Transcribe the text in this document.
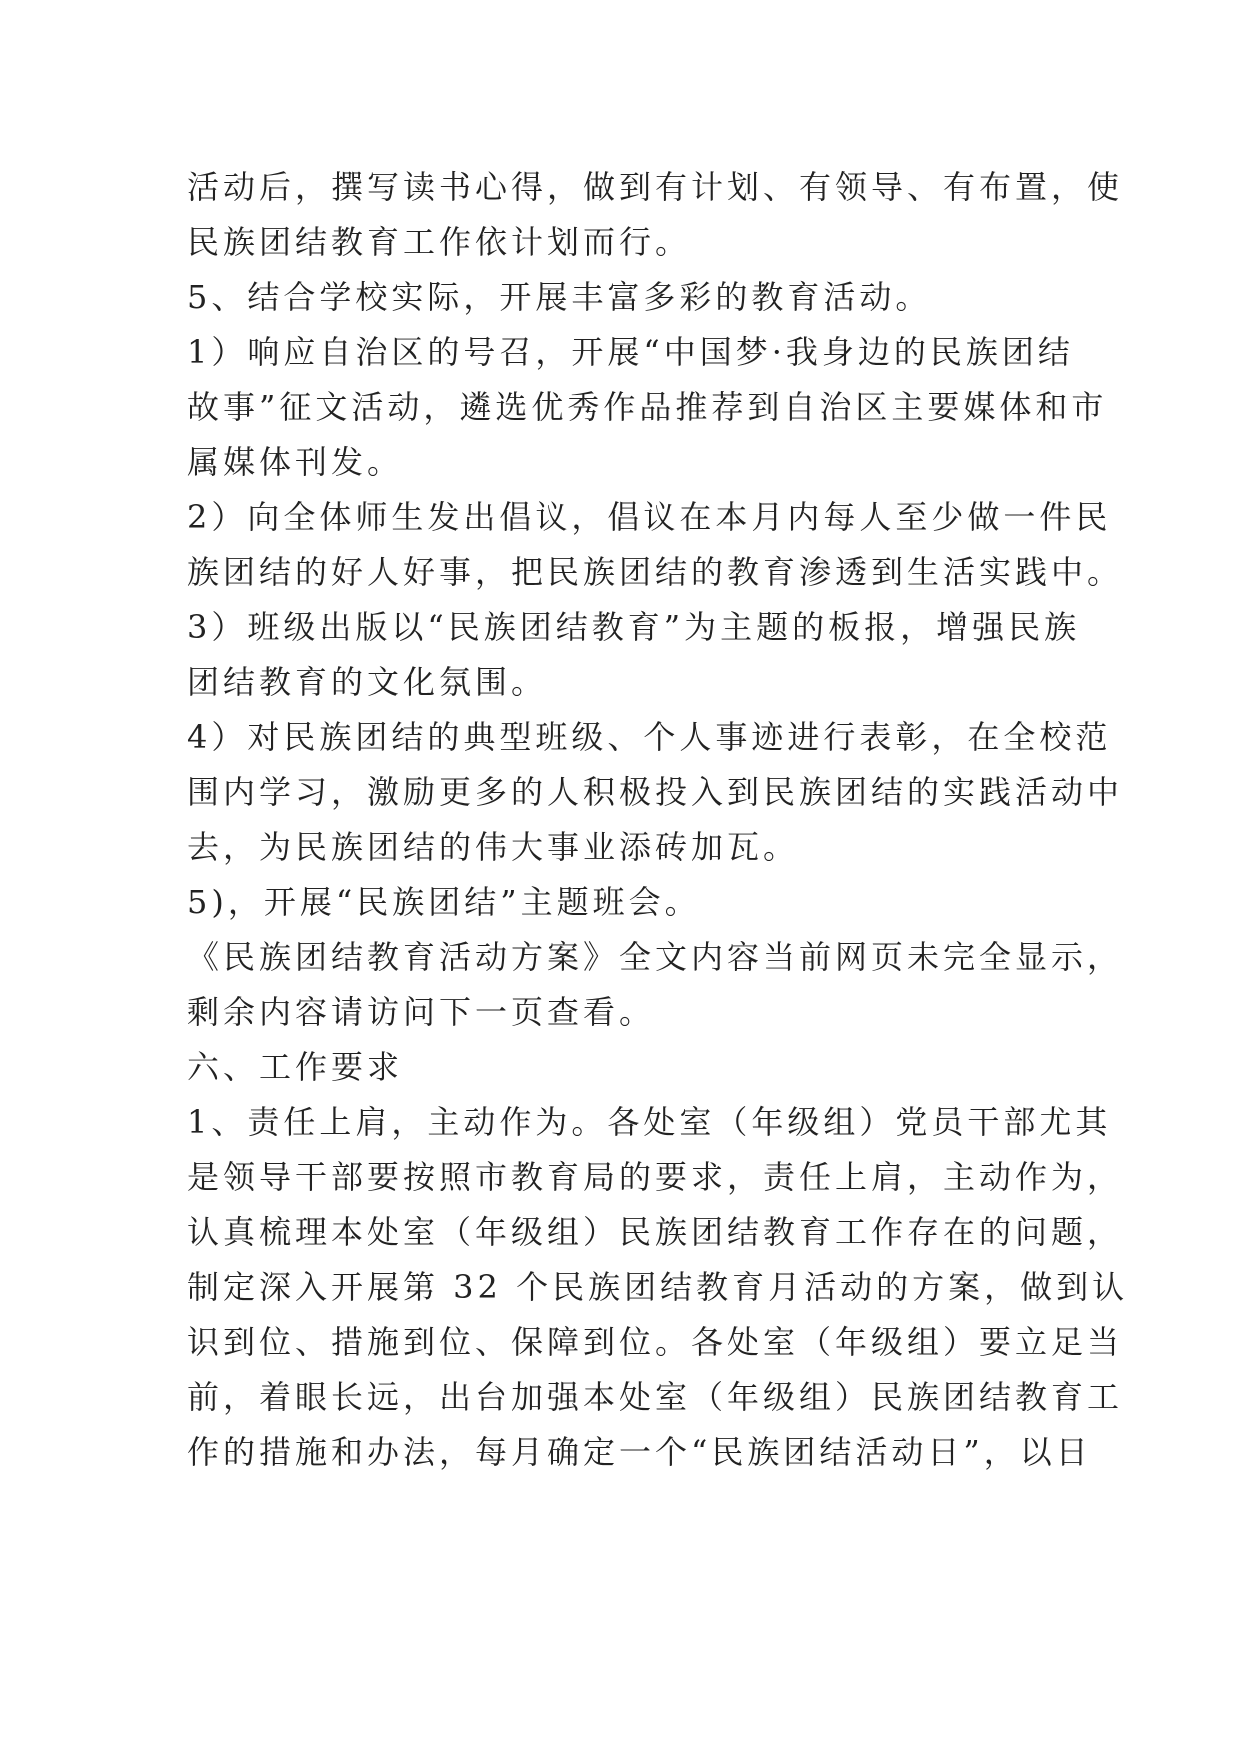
活动后，撰写读书心得，做到有计划、有领导、有布置，使
民族团结教育工作依计划而行。
5、结合学校实际，开展丰富多彩的教育活动。
1）响应自治区的号召，开展“中国梦·我身边的民族团结
故事”征文活动，遴选优秀作品推荐到自治区主要媒体和市
属媒体刊发。
2）向全体师生发出倡议，倡议在本月内每人至少做一件民
族团结的好人好事，把民族团结的教育渗透到生活实践中。
3）班级出版以“民族团结教育”为主题的板报，增强民族
团结教育的文化氛围。
4）对民族团结的典型班级、个人事迹进行表彰，在全校范
围内学习，激励更多的人积极投入到民族团结的实践活动中
去，为民族团结的伟大事业添砖加瓦。
5)，开展“民族团结”主题班会。
《民族团结教育活动方案》全文内容当前网页未完全显示，
剩余内容请访问下一页查看。
六、工作要求
1、责任上肩，主动作为。各处室（年级组）党员干部尤其
是领导干部要按照市教育局的要求，责任上肩，主动作为，
认真梳理本处室（年级组）民族团结教育工作存在的问题，
制定深入开展第 32 个民族团结教育月活动的方案，做到认
识到位、措施到位、保障到位。各处室（年级组）要立足当
前，着眼长远，出台加强本处室（年级组）民族团结教育工
作的措施和办法，每月确定一个“民族团结活动日”，以日
